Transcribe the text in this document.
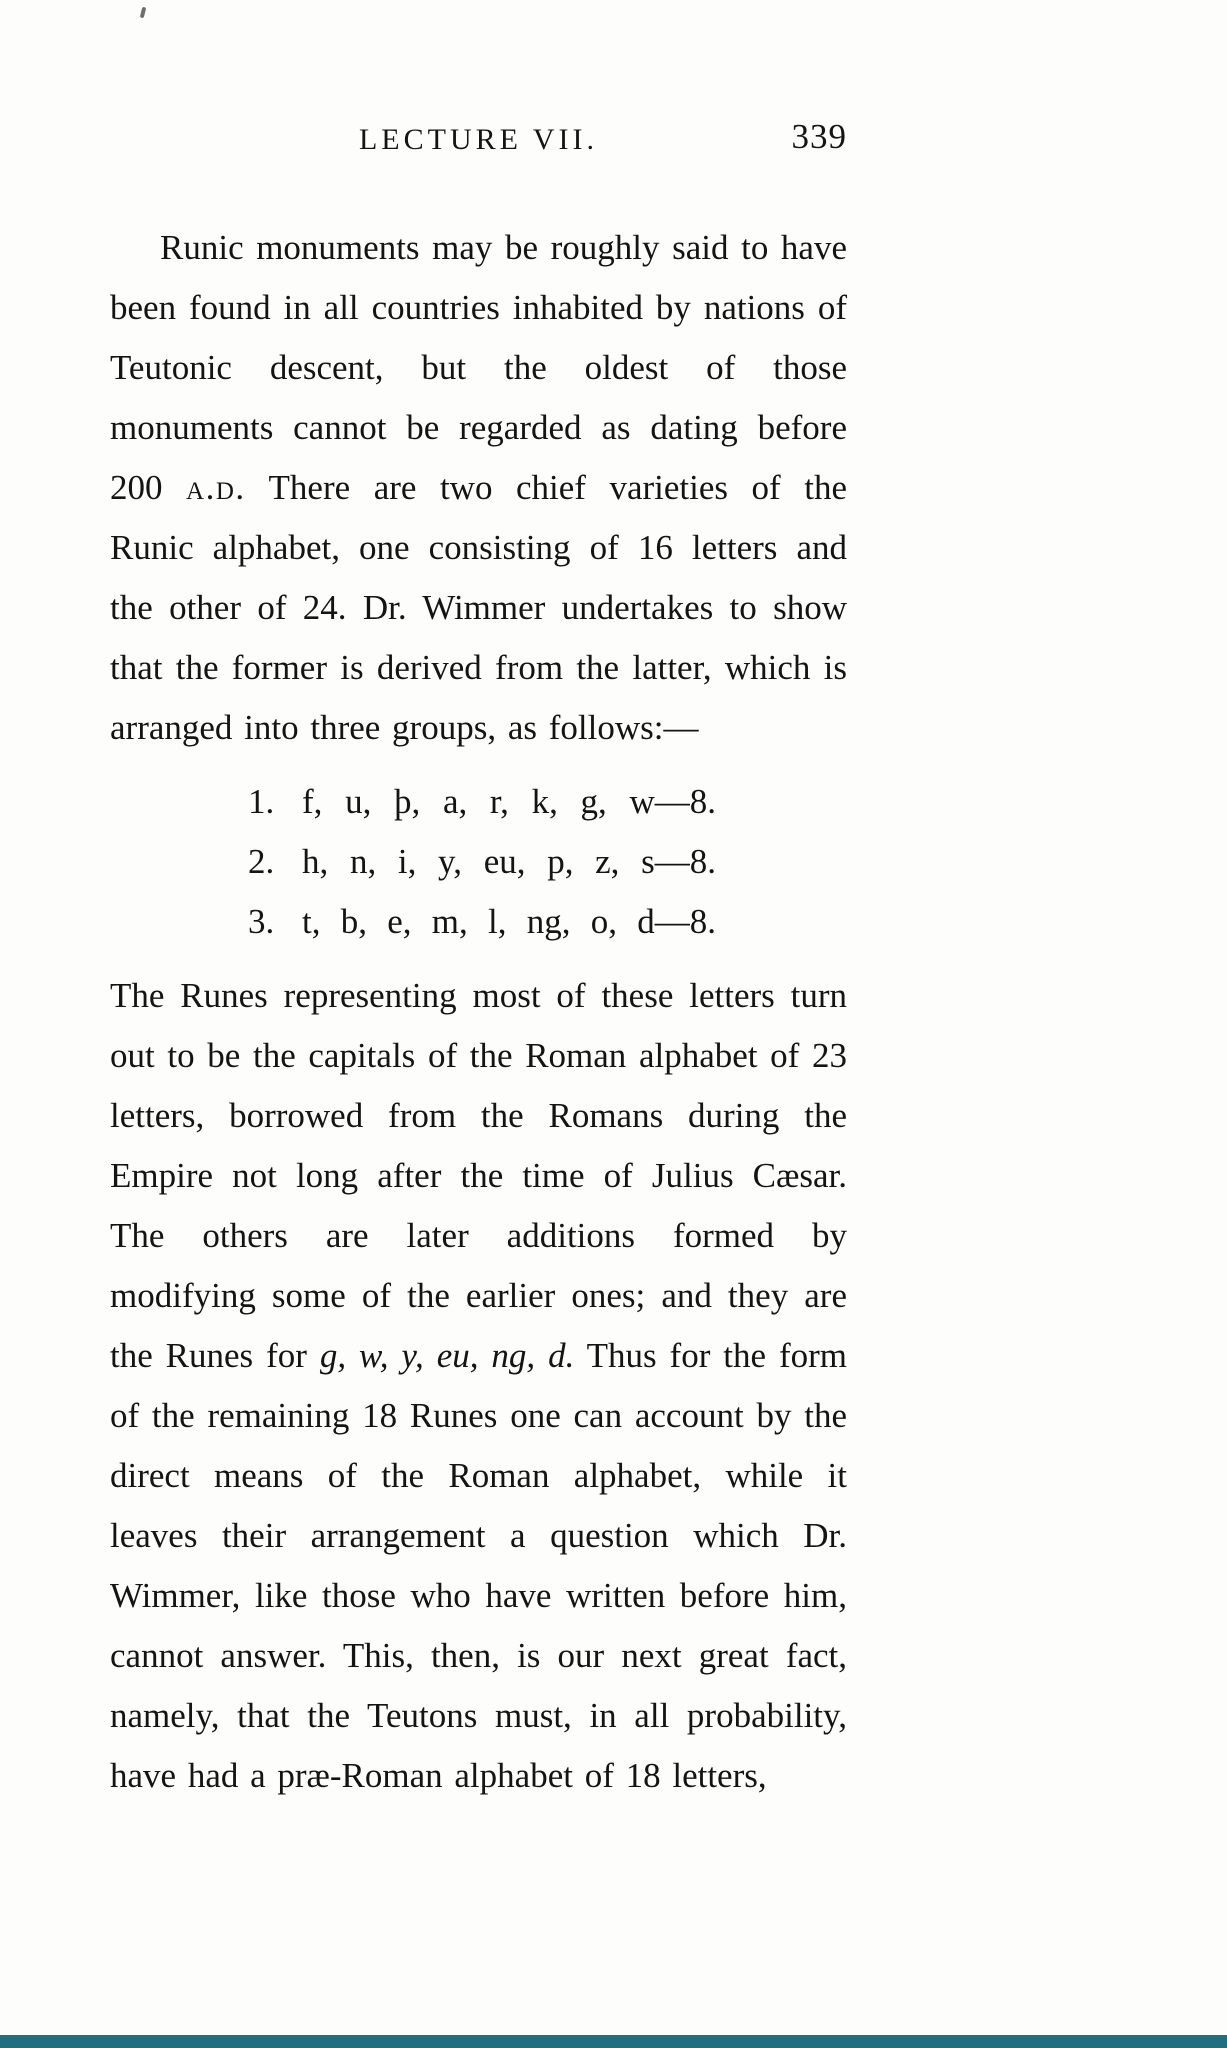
LECTURE VII.	339

Runic monuments may be roughly said to have been found in all countries inhabited by nations of Teutonic descent, but the oldest of those monuments cannot be regarded as dating before 200 a.d. There are two chief varieties of the Runic alphabet, one consisting of 16 letters and the other of 24. Dr. Wimmer undertakes to show that the former is derived from the latter, which is arranged into three groups, as follows:—

1. f, u, þ, a, r, k, g, w—8.
2. h, n, i, y, eu, p, z, s—8.
3. t, b, e, m, l, ng, o, d—8.

The Runes representing most of these letters turn out to be the capitals of the Roman alphabet of 23 letters, borrowed from the Romans during the Empire not long after the time of Julius Cæsar. The others are later additions formed by modifying some of the earlier ones; and they are the Runes for g, w, y, eu, ng, d. Thus for the form of the remaining 18 Runes one can account by the direct means of the Roman alphabet, while it leaves their arrangement a question which Dr. Wimmer, like those who have written before him, cannot answer. This, then, is our next great fact, namely, that the Teutons must, in all probability, have had a præ-Roman alphabet of 18 letters,
